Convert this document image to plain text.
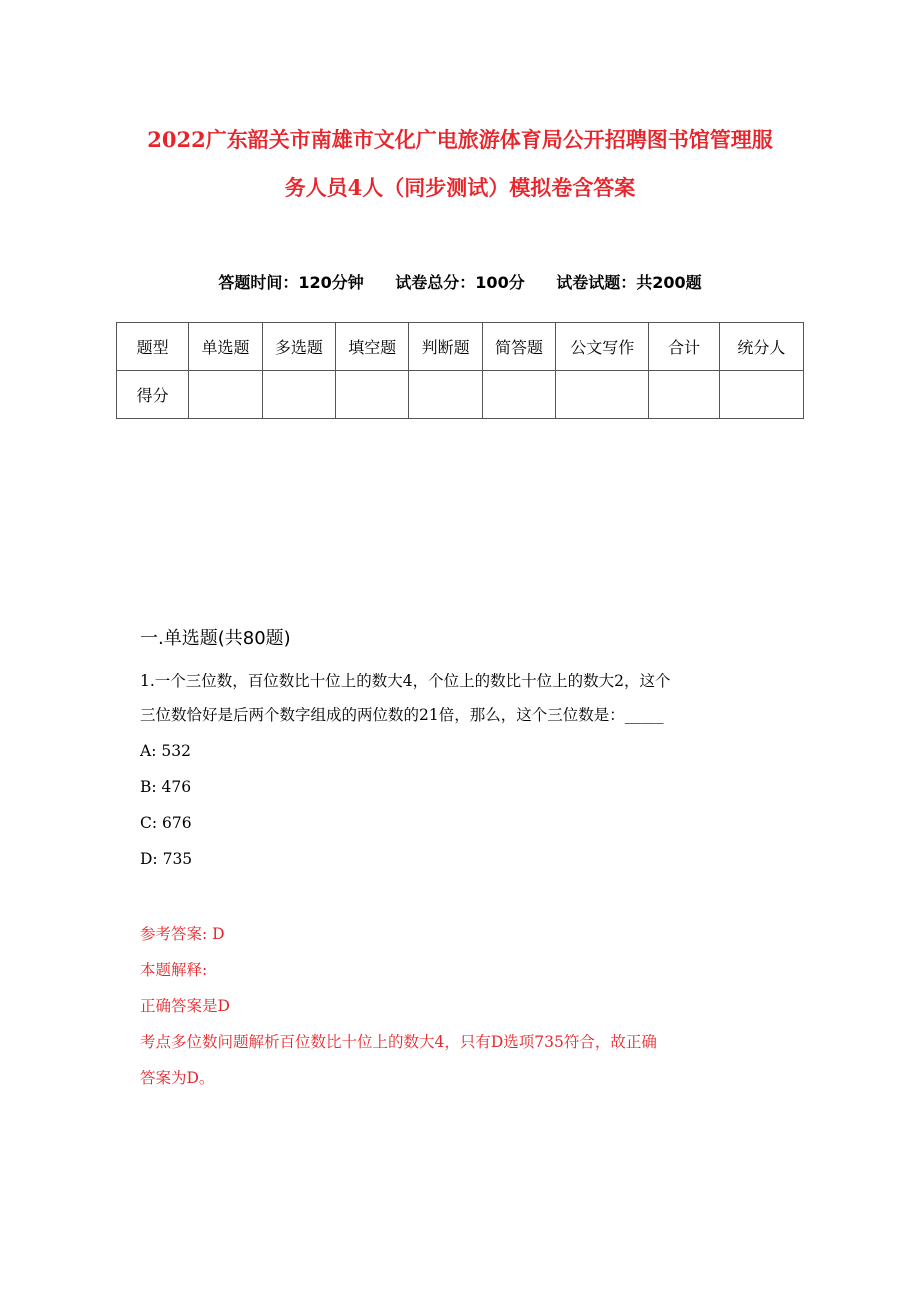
2022广东韶关市南雄市文化广电旅游体育局公开招聘图书馆管理服
务人员4人（同步测试）模拟卷含答案
答题时间：120分钟 试卷总分：100分 试卷试题：共200题
题型	单选题	多选题	填空题	判断题	简答题	公文写作	合计	统分人
得分								
一.单选题(共80题)
1.一个三位数，百位数比十位上的数大4，个位上的数比十位上的数大2，这个
三位数恰好是后两个数字组成的两位数的21倍，那么，这个三位数是：_____
A: 532
B: 476
C: 676
D: 735
参考答案: D
本题解释:
正确答案是D
考点多位数问题解析百位数比十位上的数大4，只有D选项735符合，故正确
答案为D。
